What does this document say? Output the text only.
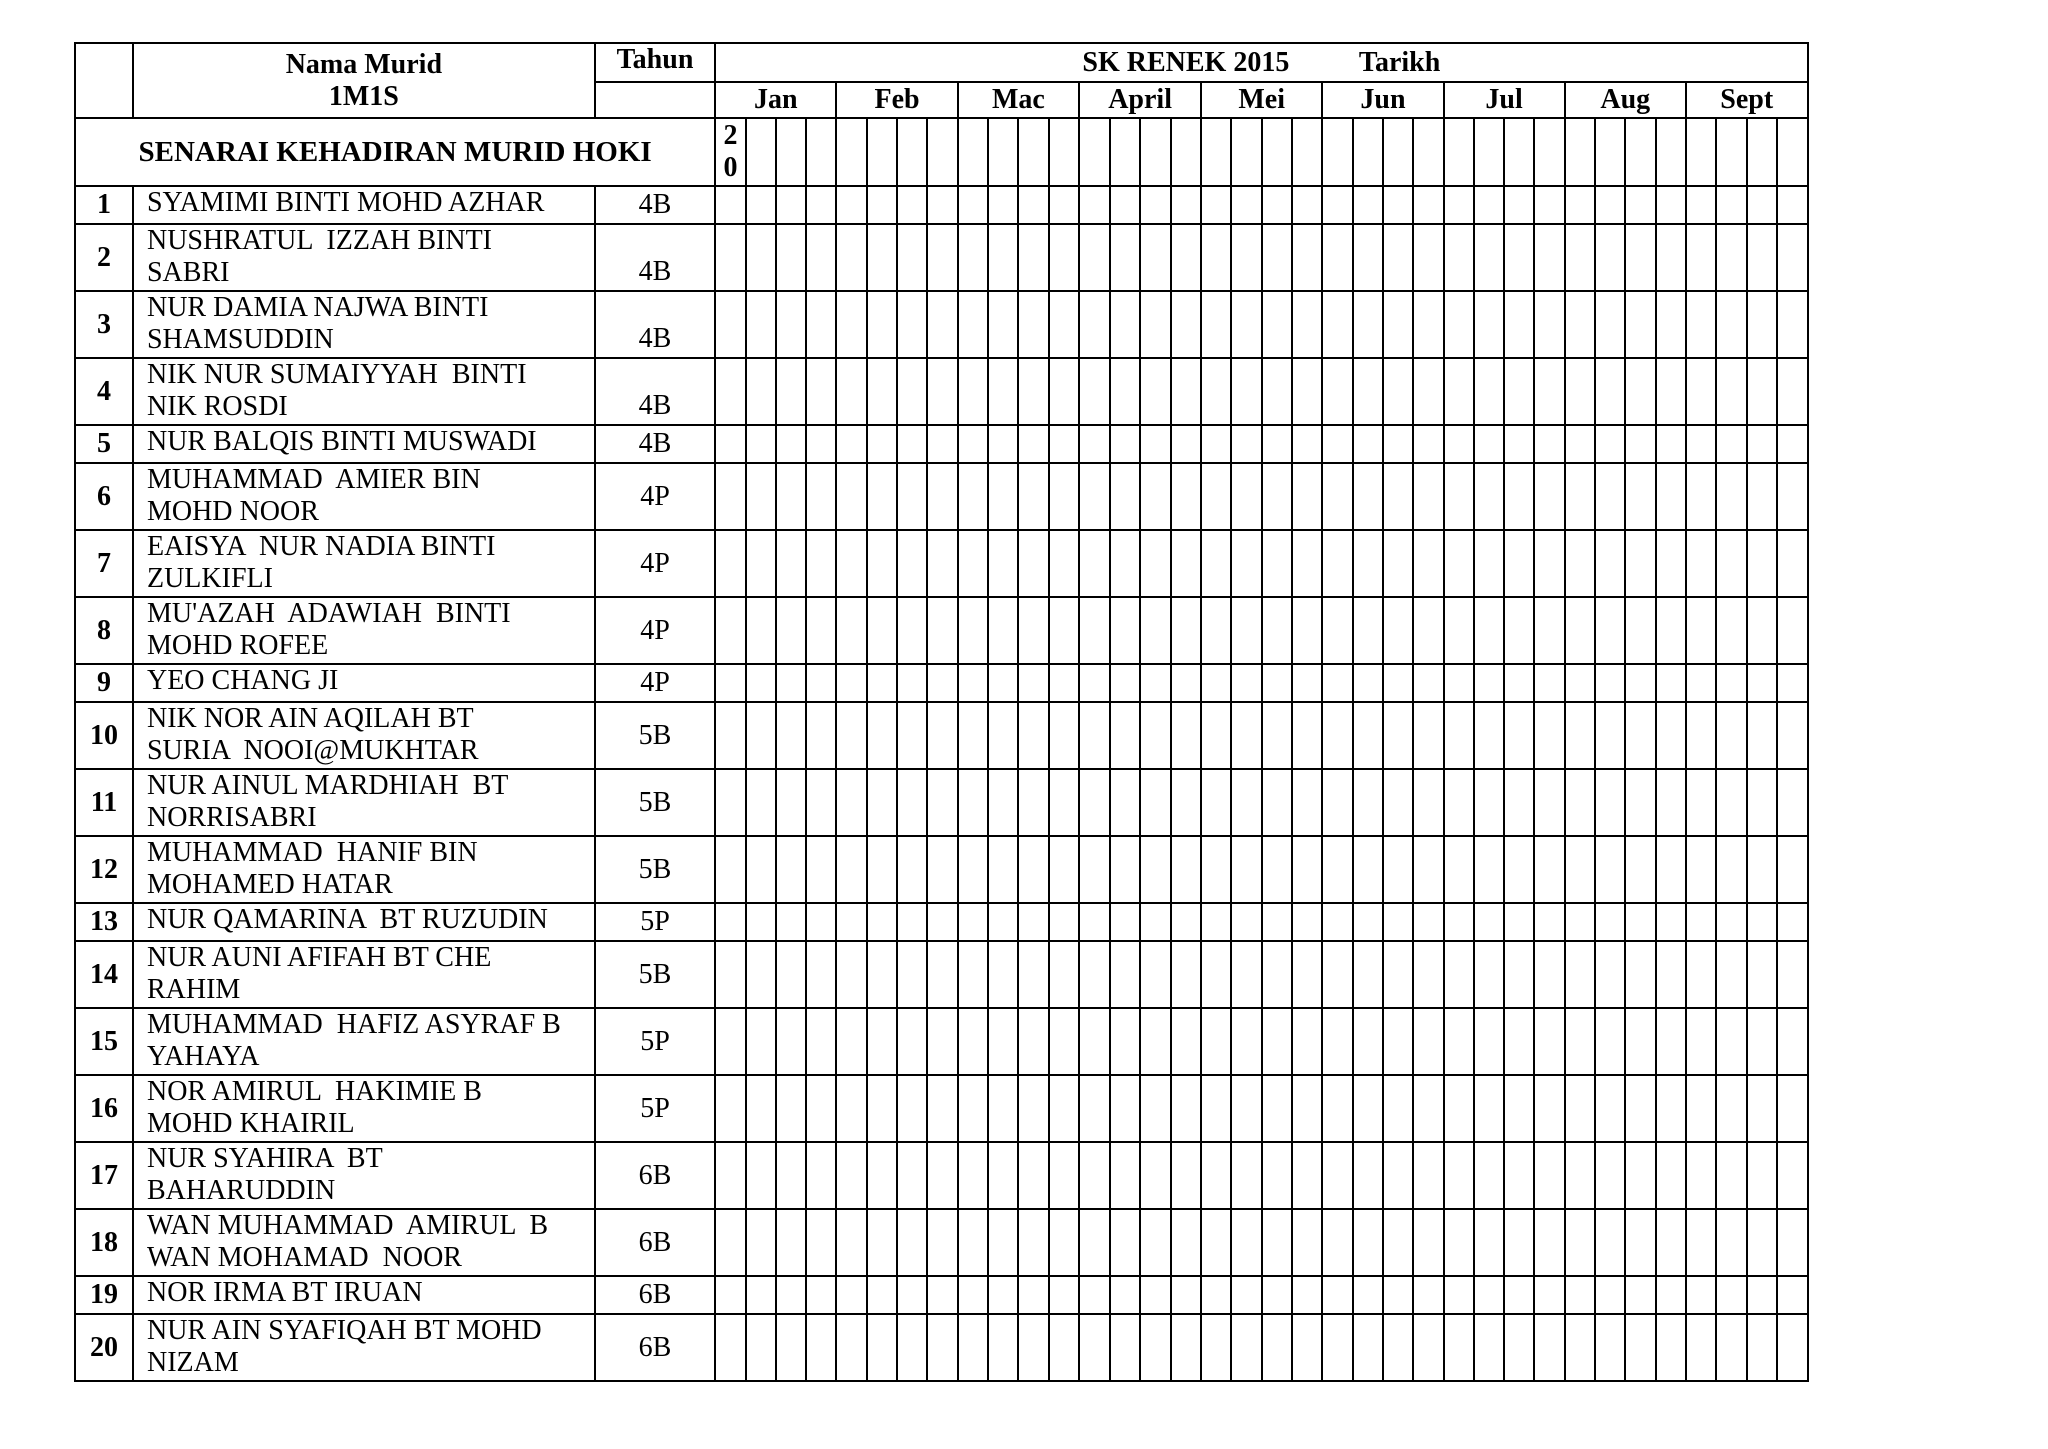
	Nama Murid
1M1S	Tahun	SK RENEK 2015 Tarikh																																			
			Jan				Feb				Mac				April				Mei				Jun				Jul				Aug				Sept			
SENARAI KEHADIRAN MURID HOKI			2
0																																			

1	SYAMIMI BINTI MOHD AZHAR	4B																																				
2	NUSHRATUL  IZZAH BINTI
SABRI	4B																																				
3	NUR DAMIA NAJWA BINTI
SHAMSUDDIN	4B																																				
4	NIK NUR SUMAIYYAH  BINTI
NIK ROSDI	4B																																				
5	NUR BALQIS BINTI MUSWADI	4B																																				
6	MUHAMMAD  AMIER BIN
MOHD NOOR	4P																																				
7	EAISYA  NUR NADIA BINTI
ZULKIFLI	4P																																				
8	MU'AZAH  ADAWIAH  BINTI
MOHD ROFEE	4P																																				
9	YEO CHANG JI	4P																																				
10	NIK NOR AIN AQILAH BT
SURIA  NOOI@MUKHTAR	5B																																				
11	NUR AINUL MARDHIAH  BT
NORRISABRI	5B																																				
12	MUHAMMAD  HANIF BIN
MOHAMED HATAR	5B																																				
13	NUR QAMARINA  BT RUZUDIN	5P																																				
14	NUR AUNI AFIFAH BT CHE
RAHIM	5B																																				
15	MUHAMMAD  HAFIZ ASYRAF B
YAHAYA	5P																																				
16	NOR AMIRUL  HAKIMIE B
MOHD KHAIRIL	5P																																				
17	NUR SYAHIRA  BT
BAHARUDDIN	6B																																				
18	WAN MUHAMMAD  AMIRUL  B
WAN MOHAMAD  NOOR	6B																																				
19	NOR IRMA BT IRUAN	6B																																				
20	NUR AIN SYAFIQAH BT MOHD
NIZAM	6B																																				
